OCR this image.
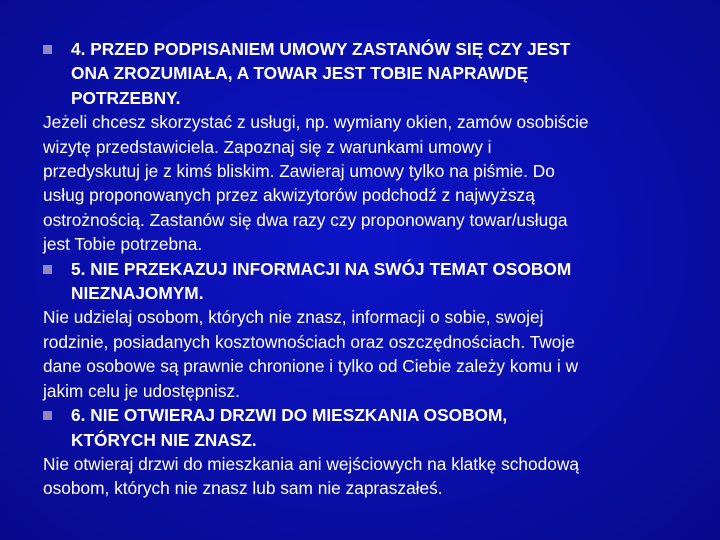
4. PRZED PODPISANIEM UMOWY ZASTANÓW SIĘ CZY JEST
ONA ZROZUMIAŁA, A TOWAR JEST TOBIE NAPRAWDĘ
POTRZEBNY.
Jeżeli chcesz skorzystać z usługi, np. wymiany okien, zamów osobiście
wizytę przedstawiciela. Zapoznaj się z warunkami umowy i
przedyskutuj je z kimś bliskim. Zawieraj umowy tylko na piśmie. Do
usług proponowanych przez akwizytorów podchodź z najwyższą
ostrożnością. Zastanów się dwa razy czy proponowany towar/usługa
jest Tobie potrzebna.
5. NIE PRZEKAZUJ INFORMACJI NA SWÓJ TEMAT OSOBOM
NIEZNAJOMYM.
Nie udzielaj osobom, których nie znasz, informacji o sobie, swojej
rodzinie, posiadanych kosztownościach oraz oszczędnościach. Twoje
dane osobowe są prawnie chronione i tylko od Ciebie zależy komu i w
jakim celu je udostępnisz.
6. NIE OTWIERAJ DRZWI DO MIESZKANIA OSOBOM,
KTÓRYCH NIE ZNASZ.
Nie otwieraj drzwi do mieszkania ani wejściowych na klatkę schodową
osobom, których nie znasz lub sam nie zapraszałeś.
